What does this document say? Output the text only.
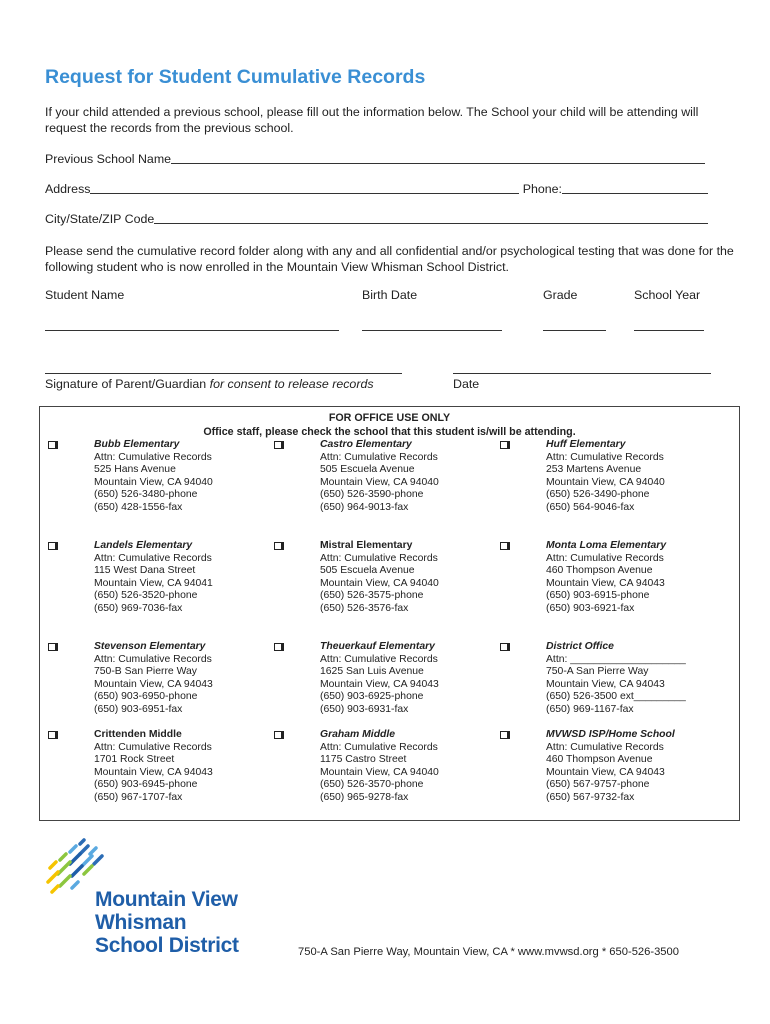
Request for Student Cumulative Records
If your child attended a previous school, please fill out the information below. The School your child will be attending will request the records from the previous school.
Previous School Name
Address	Phone:
City/State/ZIP Code
Please send the cumulative record folder along with any and all confidential and/or psychological testing that was done for the following student who is now enrolled in the Mountain View Whisman School District.
Student Name	Birth Date	Grade	School Year
Signature of Parent/Guardian for consent to release records	Date
FOR OFFICE USE ONLY
Office staff, please check the school that this student is/will be attending.
Bubb Elementary
Attn: Cumulative Records
525 Hans Avenue
Mountain View, CA 94040
(650) 526-3480-phone
(650) 428-1556-fax
Castro Elementary
Attn: Cumulative Records
505 Escuela Avenue
Mountain View, CA 94040
(650) 526-3590-phone
(650) 964-9013-fax
Huff Elementary
Attn: Cumulative Records
253 Martens Avenue
Mountain View, CA 94040
(650) 526-3490-phone
(650) 564-9046-fax
Landels Elementary
Attn: Cumulative Records
115 West Dana Street
Mountain View, CA 94041
(650) 526-3520-phone
(650) 969-7036-fax
Mistral Elementary
Attn: Cumulative Records
505 Escuela Avenue
Mountain View, CA 94040
(650) 526-3575-phone
(650) 526-3576-fax
Monta Loma Elementary
Attn: Cumulative Records
460 Thompson Avenue
Mountain View, CA 94043
(650) 903-6915-phone
(650) 903-6921-fax
Stevenson Elementary
Attn: Cumulative Records
750-B San Pierre Way
Mountain View, CA 94043
(650) 903-6950-phone
(650) 903-6951-fax
Theuerkauf Elementary
Attn: Cumulative Records
1625 San Luis Avenue
Mountain View, CA 94043
(650) 903-6925-phone
(650) 903-6931-fax
District Office
Attn: ____________________
750-A San Pierre Way
Mountain View, CA 94043
(650) 526-3500 ext_________
(650) 969-1167-fax
Crittenden Middle
Attn: Cumulative Records
1701 Rock Street
Mountain View, CA 94043
(650) 903-6945-phone
(650) 967-1707-fax
Graham Middle
Attn: Cumulative Records
1175 Castro Street
Mountain View, CA 94040
(650) 526-3570-phone
(650) 965-9278-fax
MVWSD ISP/Home School
Attn: Cumulative Records
460 Thompson Avenue
Mountain View, CA 94043
(650) 567-9757-phone
(650) 567-9732-fax
Mountain View
Whisman
School District	750-A San Pierre Way, Mountain View, CA * www.mvwsd.org * 650-526-3500
